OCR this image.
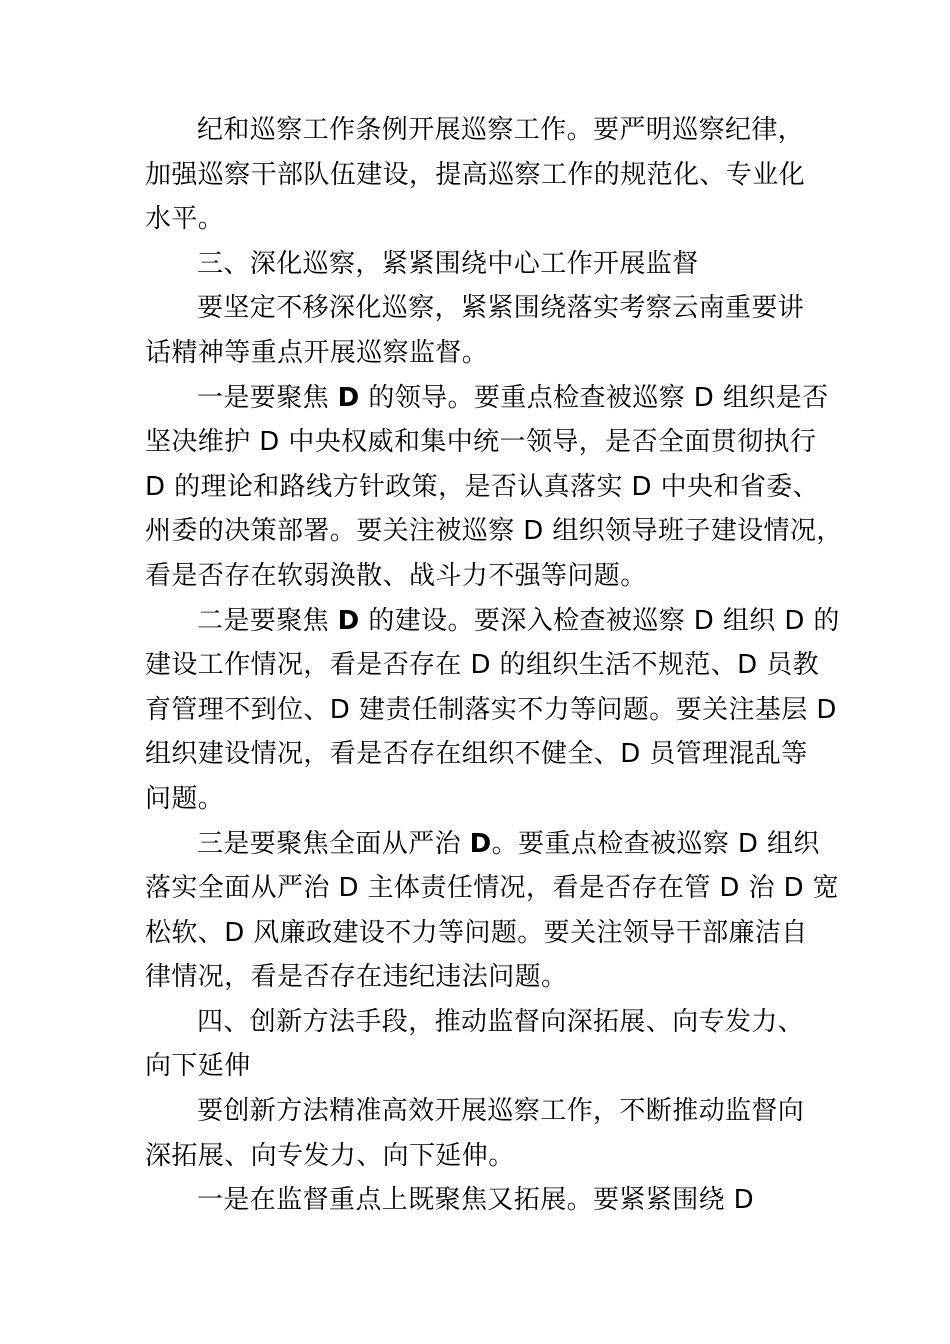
纪和巡察工作条例开展巡察工作。要严明巡察纪律，
加强巡察干部队伍建设，提高巡察工作的规范化、专业化
水平。
三、深化巡察，紧紧围绕中心工作开展监督
要坚定不移深化巡察，紧紧围绕落实考察云南重要讲
话精神等重点开展巡察监督。
一是要聚焦 D 的领导。要重点检查被巡察 D 组织是否
坚决维护 D 中央权威和集中统一领导，是否全面贯彻执行
D 的理论和路线方针政策，是否认真落实 D 中央和省委、
州委的决策部署。要关注被巡察 D 组织领导班子建设情况，
看是否存在软弱涣散、战斗力不强等问题。
二是要聚焦 D 的建设。要深入检查被巡察 D 组织 D 的
建设工作情况，看是否存在 D 的组织生活不规范、D 员教
育管理不到位、D 建责任制落实不力等问题。要关注基层 D
组织建设情况，看是否存在组织不健全、D 员管理混乱等
问题。
三是要聚焦全面从严治 D。要重点检查被巡察 D 组织
落实全面从严治 D 主体责任情况，看是否存在管 D 治 D 宽
松软、D 风廉政建设不力等问题。要关注领导干部廉洁自
律情况，看是否存在违纪违法问题。
四、创新方法手段，推动监督向深拓展、向专发力、
向下延伸
要创新方法精准高效开展巡察工作，不断推动监督向
深拓展、向专发力、向下延伸。
一是在监督重点上既聚焦又拓展。要紧紧围绕 D
